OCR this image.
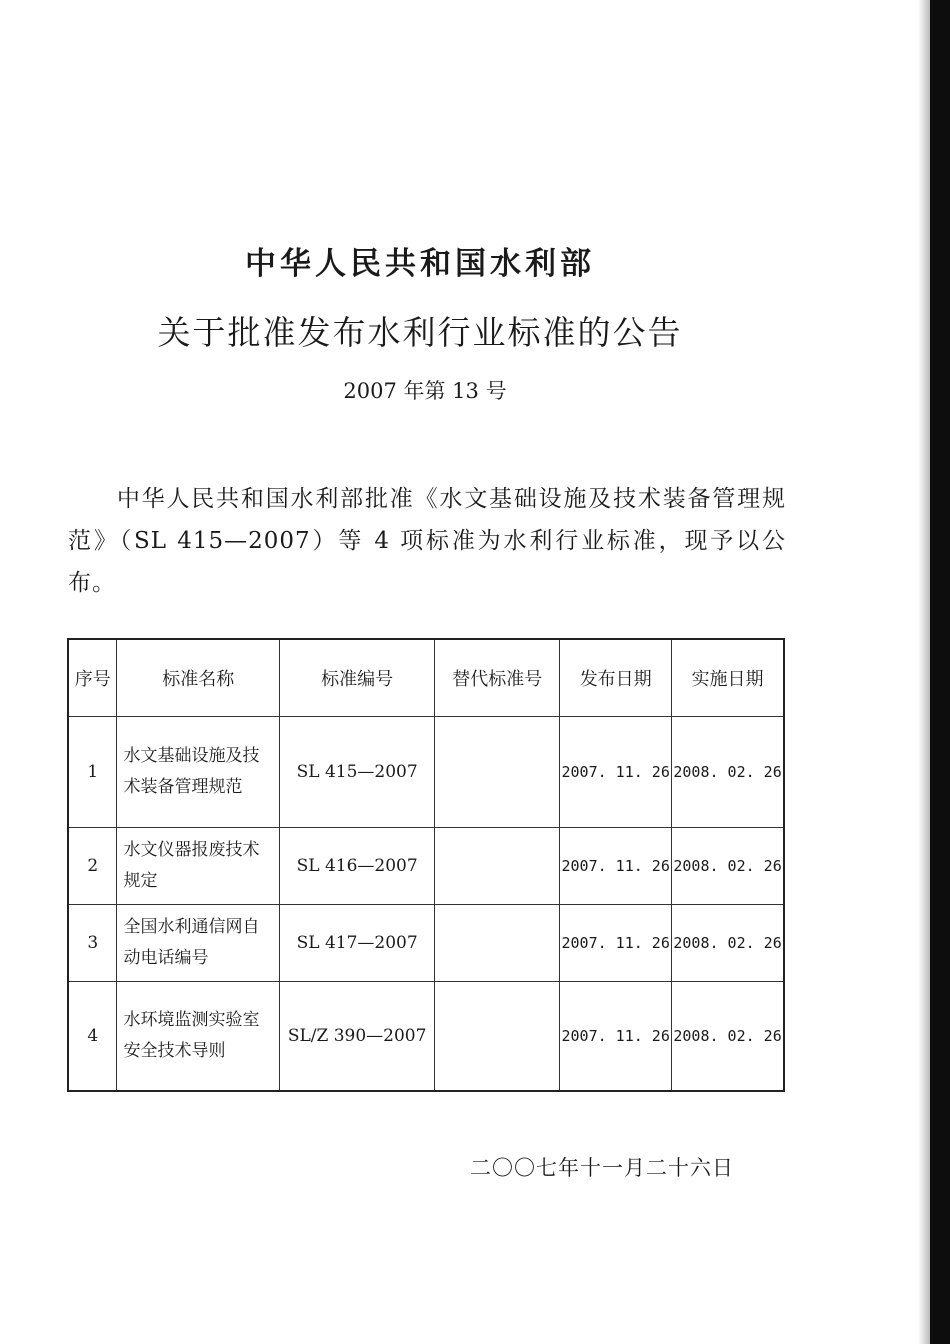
中华人民共和国水利部
关于批准发布水利行业标准的公告
2007 年第 13 号
中华人民共和国水利部批准《水文基础设施及技术装备管理规范》（SL 415—2007）等 4 项标准为水利行业标准，现予以公布。
序号	标准名称	标准编号	替代标准号	发布日期	实施日期
1	水文基础设施及技术装备管理规范	SL 415—2007		2007. 11. 26	2008. 02. 26
2	水文仪器报废技术规定	SL 416—2007		2007. 11. 26	2008. 02. 26
3	全国水利通信网自动电话编号	SL 417—2007		2007. 11. 26	2008. 02. 26
4	水环境监测实验室安全技术导则	SL/Z 390—2007		2007. 11. 26	2008. 02. 26
二〇〇七年十一月二十六日
